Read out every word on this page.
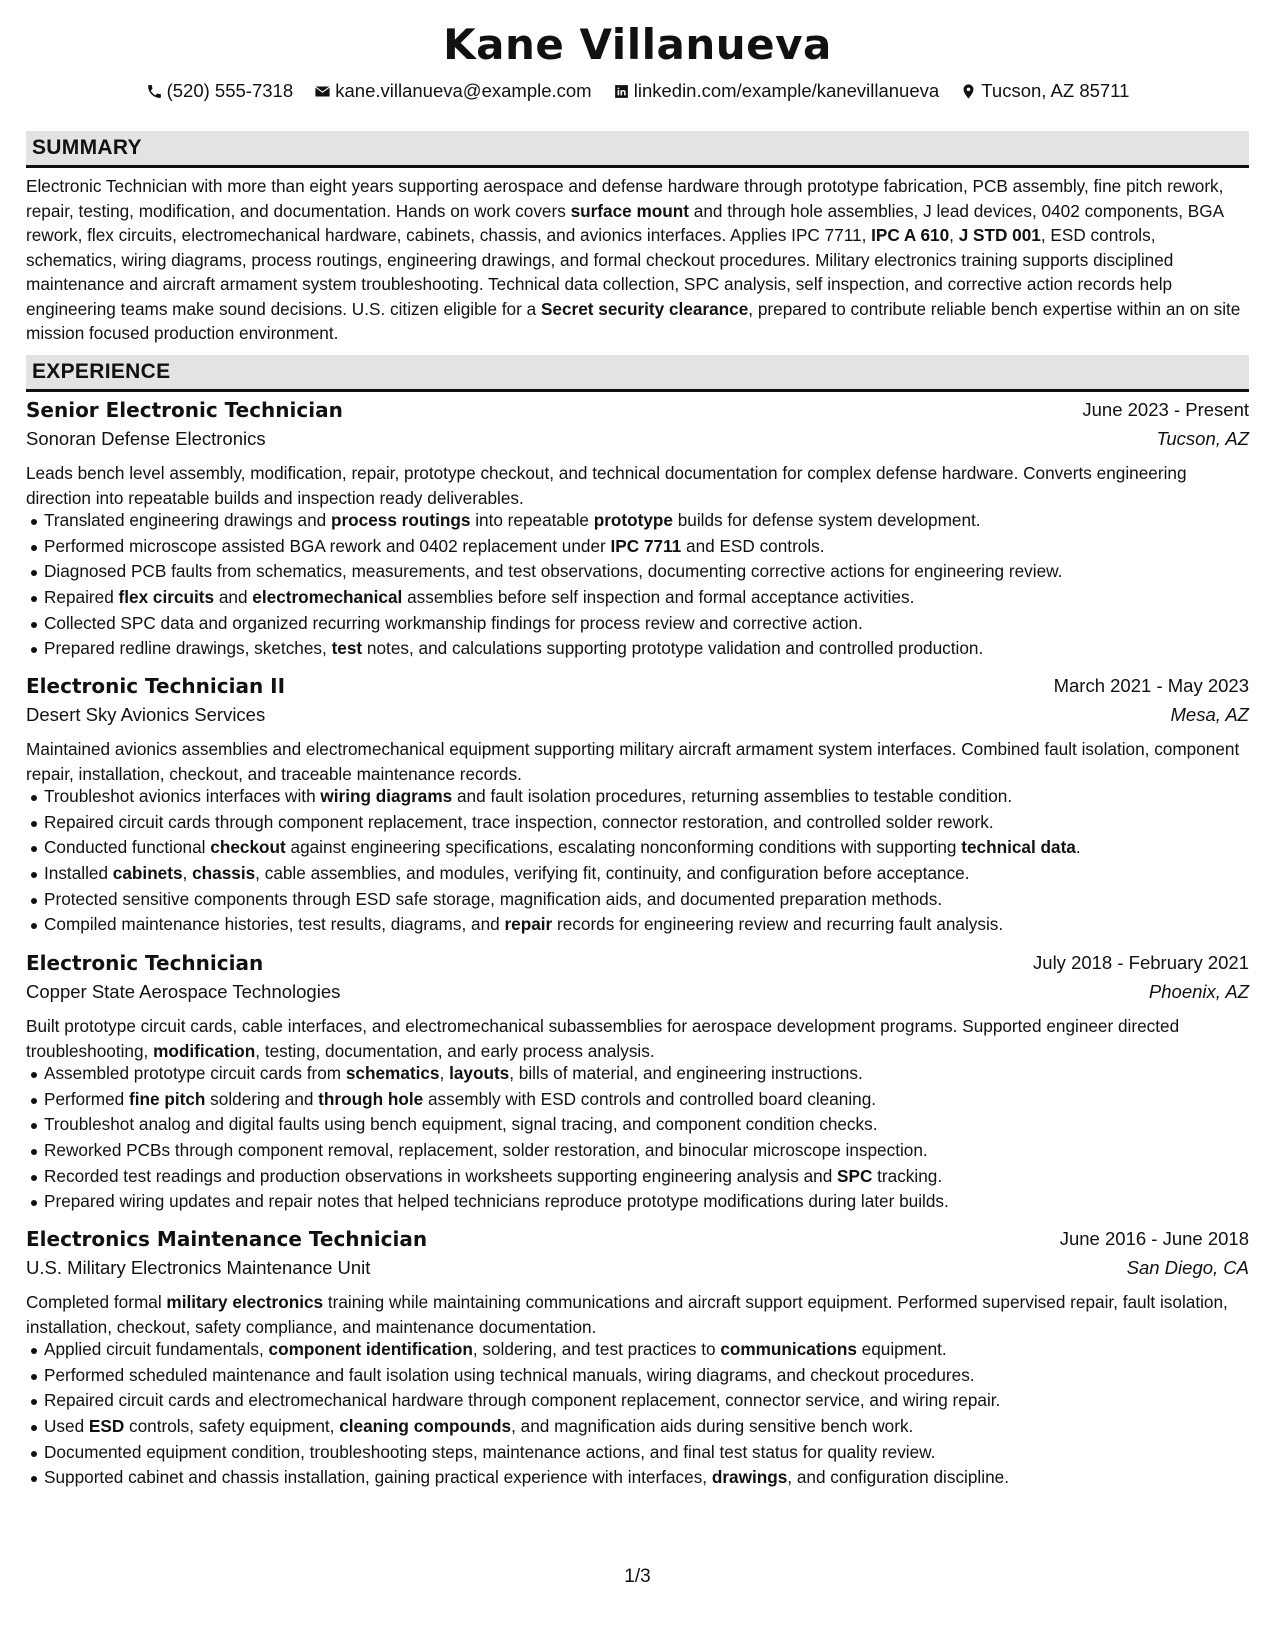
Kane Villanueva
(520) 555-7318
kane.villanueva@example.com
linkedin.com/example/kanevillanueva
Tucson, AZ 85711
SUMMARY
Electronic Technician with more than eight years supporting aerospace and defense hardware through prototype fabrication, PCB assembly, fine pitch rework, repair, testing, modification, and documentation. Hands on work covers surface mount and through hole assemblies, J lead devices, 0402 components, BGA rework, flex circuits, electromechanical hardware, cabinets, chassis, and avionics interfaces. Applies IPC 7711, IPC A 610, J STD 001, ESD controls, schematics, wiring diagrams, process routings, engineering drawings, and formal checkout procedures. Military electronics training supports disciplined maintenance and aircraft armament system troubleshooting. Technical data collection, SPC analysis, self inspection, and corrective action records help engineering teams make sound decisions. U.S. citizen eligible for a Secret security clearance, prepared to contribute reliable bench expertise within an on site mission focused production environment.
EXPERIENCE
Senior Electronic Technician	June 2023 - Present
Sonoran Defense Electronics	Tucson, AZ
Leads bench level assembly, modification, repair, prototype checkout, and technical documentation for complex defense hardware. Converts engineering direction into repeatable builds and inspection ready deliverables.
Translated engineering drawings and process routings into repeatable prototype builds for defense system development.
Performed microscope assisted BGA rework and 0402 replacement under IPC 7711 and ESD controls.
Diagnosed PCB faults from schematics, measurements, and test observations, documenting corrective actions for engineering review.
Repaired flex circuits and electromechanical assemblies before self inspection and formal acceptance activities.
Collected SPC data and organized recurring workmanship findings for process review and corrective action.
Prepared redline drawings, sketches, test notes, and calculations supporting prototype validation and controlled production.
Electronic Technician II	March 2021 - May 2023
Desert Sky Avionics Services	Mesa, AZ
Maintained avionics assemblies and electromechanical equipment supporting military aircraft armament system interfaces. Combined fault isolation, component repair, installation, checkout, and traceable maintenance records.
Troubleshot avionics interfaces with wiring diagrams and fault isolation procedures, returning assemblies to testable condition.
Repaired circuit cards through component replacement, trace inspection, connector restoration, and controlled solder rework.
Conducted functional checkout against engineering specifications, escalating nonconforming conditions with supporting technical data.
Installed cabinets, chassis, cable assemblies, and modules, verifying fit, continuity, and configuration before acceptance.
Protected sensitive components through ESD safe storage, magnification aids, and documented preparation methods.
Compiled maintenance histories, test results, diagrams, and repair records for engineering review and recurring fault analysis.
Electronic Technician	July 2018 - February 2021
Copper State Aerospace Technologies	Phoenix, AZ
Built prototype circuit cards, cable interfaces, and electromechanical subassemblies for aerospace development programs. Supported engineer directed troubleshooting, modification, testing, documentation, and early process analysis.
Assembled prototype circuit cards from schematics, layouts, bills of material, and engineering instructions.
Performed fine pitch soldering and through hole assembly with ESD controls and controlled board cleaning.
Troubleshot analog and digital faults using bench equipment, signal tracing, and component condition checks.
Reworked PCBs through component removal, replacement, solder restoration, and binocular microscope inspection.
Recorded test readings and production observations in worksheets supporting engineering analysis and SPC tracking.
Prepared wiring updates and repair notes that helped technicians reproduce prototype modifications during later builds.
Electronics Maintenance Technician	June 2016 - June 2018
U.S. Military Electronics Maintenance Unit	San Diego, CA
Completed formal military electronics training while maintaining communications and aircraft support equipment. Performed supervised repair, fault isolation, installation, checkout, safety compliance, and maintenance documentation.
Applied circuit fundamentals, component identification, soldering, and test practices to communications equipment.
Performed scheduled maintenance and fault isolation using technical manuals, wiring diagrams, and checkout procedures.
Repaired circuit cards and electromechanical hardware through component replacement, connector service, and wiring repair.
Used ESD controls, safety equipment, cleaning compounds, and magnification aids during sensitive bench work.
Documented equipment condition, troubleshooting steps, maintenance actions, and final test status for quality review.
Supported cabinet and chassis installation, gaining practical experience with interfaces, drawings, and configuration discipline.
1/3
